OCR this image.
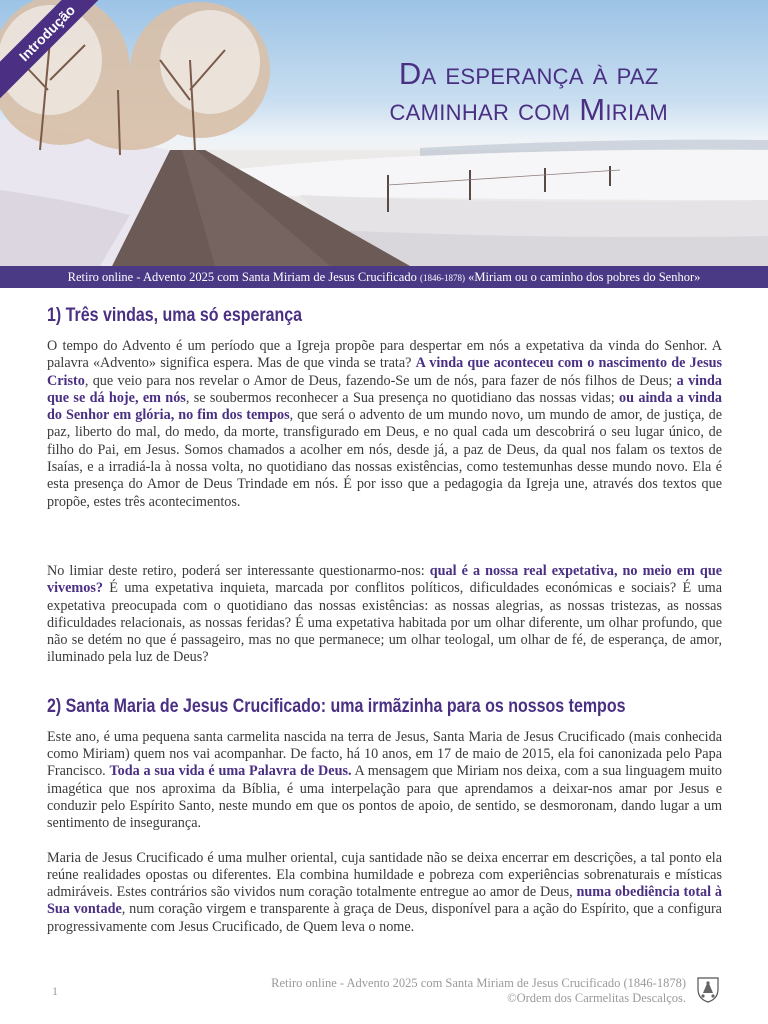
Introdução
Da esperança à paz
caminhar com Miriam
Retiro online - Advento 2025 com Santa Miriam de Jesus Crucificado (1846-1878) «Miriam ou o caminho dos pobres do Senhor»
1) Três vindas, uma só esperança

O tempo do Advento é um período que a Igreja propõe para despertar em nós a expetativa da vinda do Senhor. A palavra «Advento» significa espera. Mas de que vinda se trata? A vinda que aconteceu com o nascimento de Jesus Cristo, que veio para nos revelar o Amor de Deus, fazendo-Se um de nós, para fazer de nós filhos de Deus; a vinda que se dá hoje, em nós, se soubermos reconhecer a Sua presença no quotidiano das nossas vidas; ou ainda a vinda do Senhor em glória, no fim dos tempos, que será o advento de um mundo novo, um mundo de amor, de justiça, de paz, liberto do mal, do medo, da morte, transfigurado em Deus, e no qual cada um descobrirá o seu lugar único, de filho do Pai, em Jesus. Somos chamados a acolher em nós, desde já, a paz de Deus, da qual nos falam os textos de Isaías, e a irradiá-la à nossa volta, no quotidiano das nossas existências, como testemunhas desse mundo novo. Ela é esta presença do Amor de Deus Trindade em nós. É por isso que a pedagogia da Igreja une, através dos textos que propõe, estes três acontecimentos.

No limiar deste retiro, poderá ser interessante questionarmo-nos: qual é a nossa real expetativa, no meio em que vivemos? É uma expetativa inquieta, marcada por conflitos políticos, dificuldades económicas e sociais? É uma expetativa preocupada com o quotidiano das nossas existências: as nossas alegrias, as nossas tristezas, as nossas dificuldades relacionais, as nossas feridas? É uma expetativa habitada por um olhar diferente, um olhar profundo, que não se detém no que é passageiro, mas no que permanece; um olhar teologal, um olhar de fé, de esperança, de amor, iluminado pela luz de Deus?

2) Santa Maria de Jesus Crucificado: uma irmãzinha para os nossos tempos

Este ano, é uma pequena santa carmelita nascida na terra de Jesus, Santa Maria de Jesus Crucificado (mais conhecida como Miriam) quem nos vai acompanhar. De facto, há 10 anos, em 17 de maio de 2015, ela foi canonizada pelo Papa Francisco. Toda a sua vida é uma Palavra de Deus. A mensagem que Miriam nos deixa, com a sua linguagem muito imagética que nos aproxima da Bíblia, é uma interpelação para que aprendamos a deixar-nos amar por Jesus e conduzir pelo Espírito Santo, neste mundo em que os pontos de apoio, de sentido, se desmoronam, dando lugar a um sentimento de insegurança.

Maria de Jesus Crucificado é uma mulher oriental, cuja santidade não se deixa encerrar em descrições, a tal ponto ela reúne realidades opostas ou diferentes. Ela combina humildade e pobreza com experiências sobrenaturais e místicas admiráveis. Estes contrários são vividos num coração totalmente entregue ao amor de Deus, numa obediência total à Sua vontade, num coração virgem e transparente à graça de Deus, disponível para a ação do Espírito, que a configura progressivamente com Jesus Crucificado, de Quem leva o nome.

1
Retiro online - Advento 2025 com Santa Miriam de Jesus Crucificado (1846-1878)
©Ordem dos Carmelitas Descalços.
